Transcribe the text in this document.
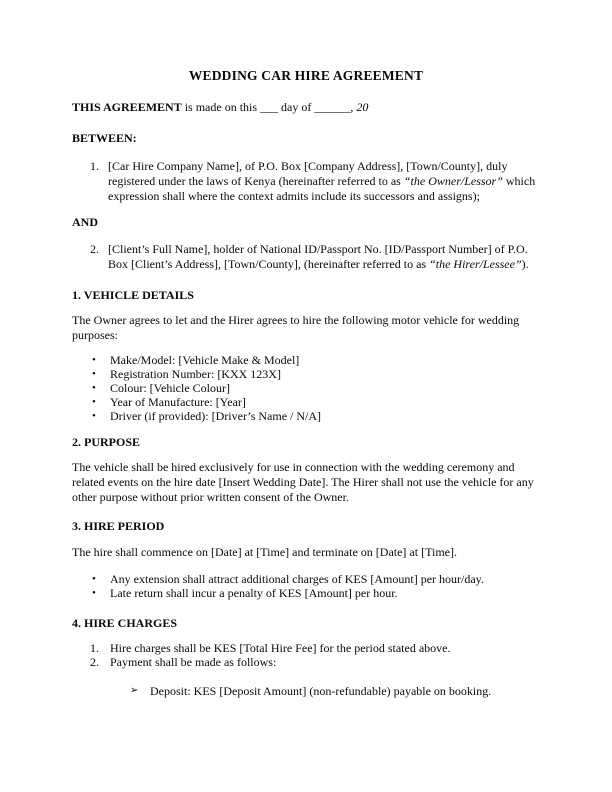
WEDDING CAR HIRE AGREEMENT

THIS AGREEMENT is made on this ___ day of ______, 20

BETWEEN:

1. [Car Hire Company Name], of P.O. Box [Company Address], [Town/County], duly registered under the laws of Kenya (hereinafter referred to as “the Owner/Lessor” which expression shall where the context admits include its successors and assigns);

AND

2. [Client’s Full Name], holder of National ID/Passport No. [ID/Passport Number] of P.O. Box [Client’s Address], [Town/County], (hereinafter referred to as “the Hirer/Lessee”).

1. VEHICLE DETAILS

The Owner agrees to let and the Hirer agrees to hire the following motor vehicle for wedding purposes:

•	Make/Model: [Vehicle Make & Model]
•	Registration Number: [KXX 123X]
•	Colour: [Vehicle Colour]
•	Year of Manufacture: [Year]
•	Driver (if provided): [Driver’s Name / N/A]

2. PURPOSE

The vehicle shall be hired exclusively for use in connection with the wedding ceremony and related events on the hire date [Insert Wedding Date]. The Hirer shall not use the vehicle for any other purpose without prior written consent of the Owner.

3. HIRE PERIOD

The hire shall commence on [Date] at [Time] and terminate on [Date] at [Time].

•	Any extension shall attract additional charges of KES [Amount] per hour/day.
•	Late return shall incur a penalty of KES [Amount] per hour.

4. HIRE CHARGES

1. Hire charges shall be KES [Total Hire Fee] for the period stated above.
2. Payment shall be made as follows:
➢ Deposit: KES [Deposit Amount] (non-refundable) payable on booking.
